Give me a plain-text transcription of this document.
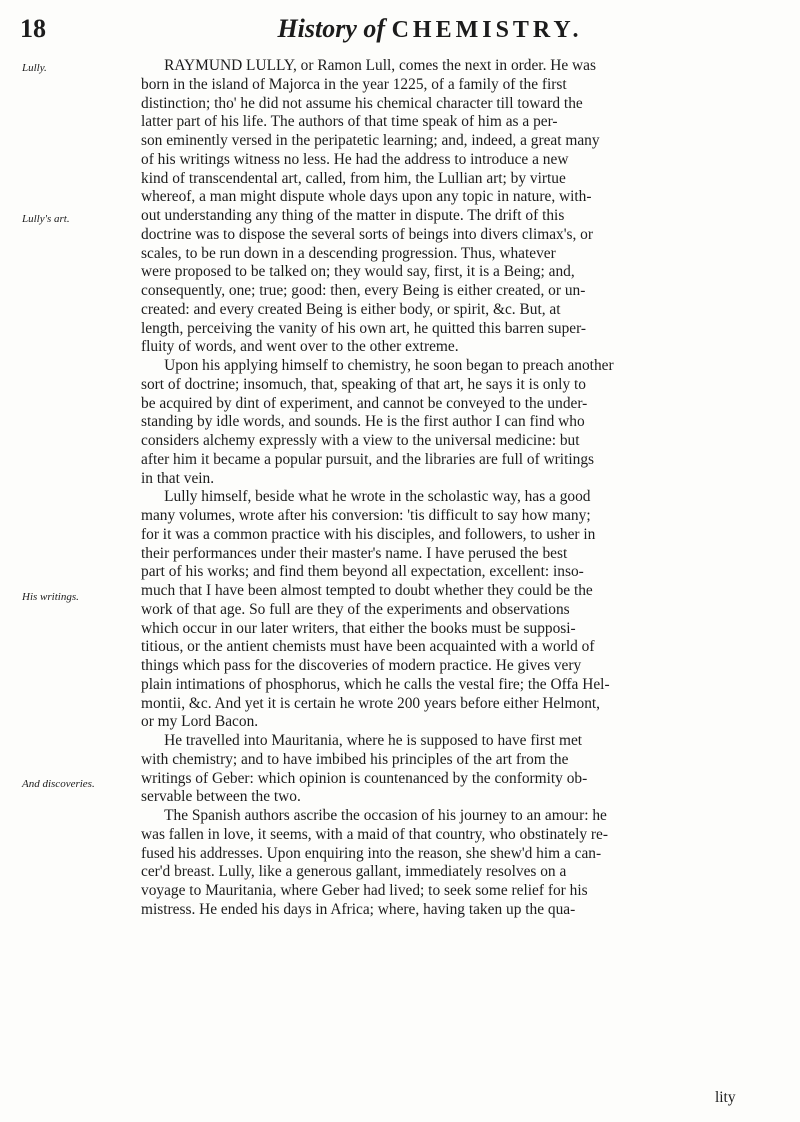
18	History of CHEMISTRY.
Lully.
Lully's art.
His writings.
And discoveries.

RAYMUND LULLY, or Ramon Lull, comes the next in order. He was
born in the island of Majorca in the year 1225, of a family of the first
distinction; tho' he did not assume his chemical character till toward the
latter part of his life. The authors of that time speak of him as a per-
son eminently versed in the peripatetic learning; and, indeed, a great many
of his writings witness no less. He had the address to introduce a new
kind of transcendental art, called, from him, the Lullian art; by virtue
whereof, a man might dispute whole days upon any topic in nature, with-
out understanding any thing of the matter in dispute. The drift of this
doctrine was to dispose the several sorts of beings into divers climax's, or
scales, to be run down in a descending progression. Thus, whatever
were proposed to be talked on; they would say, first, it is a Being; and,
consequently, one; true; good: then, every Being is either created, or un-
created: and every created Being is either body, or spirit, &c. But, at
length, perceiving the vanity of his own art, he quitted this barren super-
fluity of words, and went over to the other extreme.

Upon his applying himself to chemistry, he soon began to preach another
sort of doctrine; insomuch, that, speaking of that art, he says it is only to
be acquired by dint of experiment, and cannot be conveyed to the under-
standing by idle words, and sounds. He is the first author I can find who
considers alchemy expressly with a view to the universal medicine: but
after him it became a popular pursuit, and the libraries are full of writings
in that vein.

Lully himself, beside what he wrote in the scholastic way, has a good
many volumes, wrote after his conversion: 'tis difficult to say how many;
for it was a common practice with his disciples, and followers, to usher in
their performances under their master's name. I have perused the best
part of his works; and find them beyond all expectation, excellent: inso-
much that I have been almost tempted to doubt whether they could be the
work of that age. So full are they of the experiments and observations
which occur in our later writers, that either the books must be supposi-
titious, or the antient chemists must have been acquainted with a world of
things which pass for the discoveries of modern practice. He gives very
plain intimations of phosphorus, which he calls the vestal fire; the Offa Hel-
montii, &c. And yet it is certain he wrote 200 years before either Helmont,
or my Lord Bacon.

He travelled into Mauritania, where he is supposed to have first met
with chemistry; and to have imbibed his principles of the art from the
writings of Geber: which opinion is countenanced by the conformity ob-
servable between the two.

The Spanish authors ascribe the occasion of his journey to an amour: he
was fallen in love, it seems, with a maid of that country, who obstinately re-
fused his addresses. Upon enquiring into the reason, she shew'd him a can-
cer'd breast. Lully, like a generous gallant, immediately resolves on a
voyage to Mauritania, where Geber had lived; to seek some relief for his
mistress. He ended his days in Africa; where, having taken up the qua-

lity
